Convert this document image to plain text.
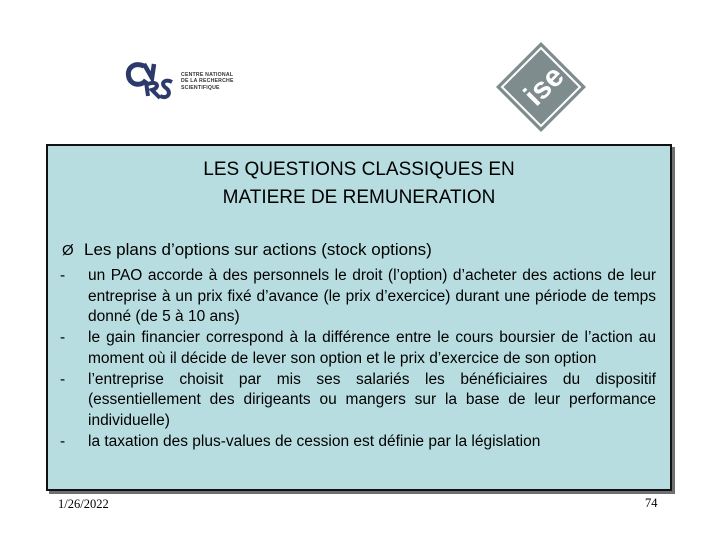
CENTRE NATIONAL
DE LA RECHERCHE
SCIENTIFIQUE	ise
LES QUESTIONS CLASSIQUES EN
MATIERE DE REMUNERATION
Ø Les plans d’options sur actions (stock options)
- un PAO accorde à des personnels le droit (l’option) d’acheter des actions de leur entreprise à un prix fixé d’avance (le prix d’exercice) durant une période de temps donné (de 5 à 10 ans)
- le gain financier correspond à la différence entre le cours boursier de l’action au moment où il décide de lever son option et le prix d’exercice de son option
- l’entreprise choisit par mis ses salariés les bénéficiaires du dispositif (essentiellement des dirigeants ou mangers sur la base de leur performance individuelle)
- la taxation des plus-values de cession est définie par la législation
1/26/2022	74
